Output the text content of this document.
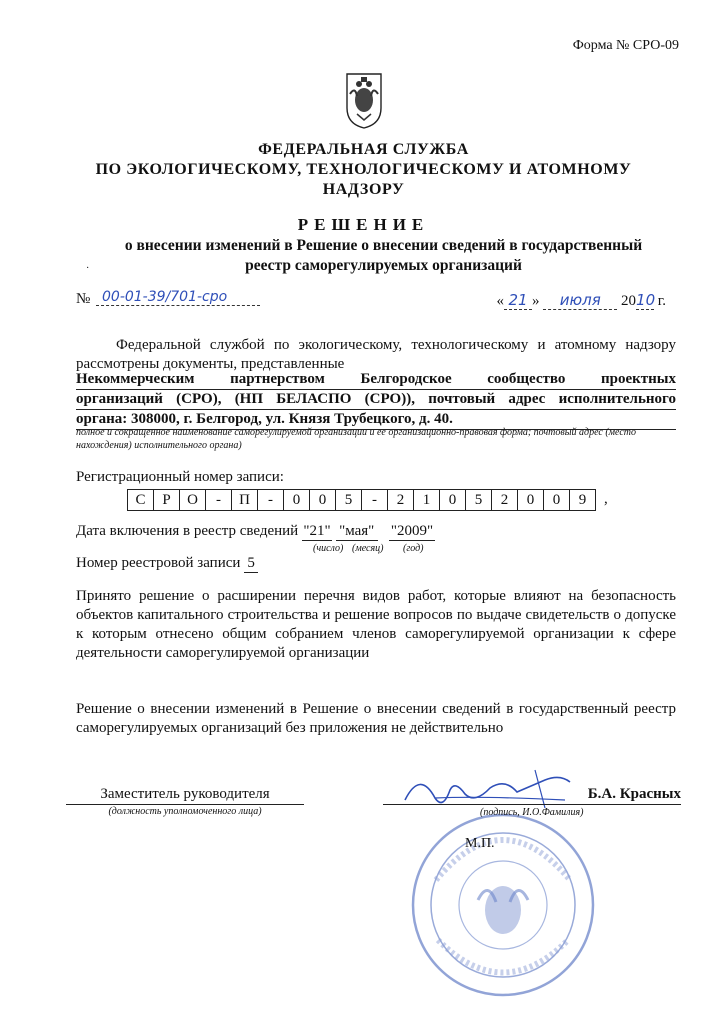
Форма № СРО-09
ФЕДЕРАЛЬНАЯ СЛУЖБА
ПО ЭКОЛОГИЧЕСКОМУ, ТЕХНОЛОГИЧЕСКОМУ И АТОМНОМУ
НАДЗОРУ
РЕШЕНИЕ
о внесении изменений в Решение о внесении сведений в государственный
реестр саморегулируемых организаций
·
№ 00-01-39/701-сро	« 21 » июля 2010 г.
Федеральной службой по экологическому, технологическому и атомному надзору рассмотрены документы, представленные
Некоммерческим партнерством Белгородское сообщество проектных
организаций (СРО), (НП БЕЛАСПО (СРО)), почтовый адрес исполнительного
органа: 308000, г. Белгород, ул. Князя Трубецкого, д. 40.
полное и сокращенное наименование саморегулируемой организации и ее организационно-правовая форма; почтовый адрес (место нахождения) исполнительного органа)
Регистрационный номер записи:
С	Р	О	-	П	-	0	0	5	-	2	1	0	5	2	0	0	9	,
Дата включения в реестр сведений "21" "мая" "2009"
(число) (месяц) (год)
Номер реестровой записи 5
Принято решение о расширении перечня видов работ, которые влияют на безопасность объектов капитального строительства и решение вопросов по выдаче свидетельств о допуске к которым отнесено общим собранием членов саморегулируемой организации к сфере деятельности саморегулируемой организации
Решение о внесении изменений в Решение о внесении сведений в государственный реестр саморегулируемых организаций без приложения не действительно
Заместитель руководителя
(должность уполномоченного лица)
Б.А. Красных
(подпись, И.О.Фамилия)
М.П.
